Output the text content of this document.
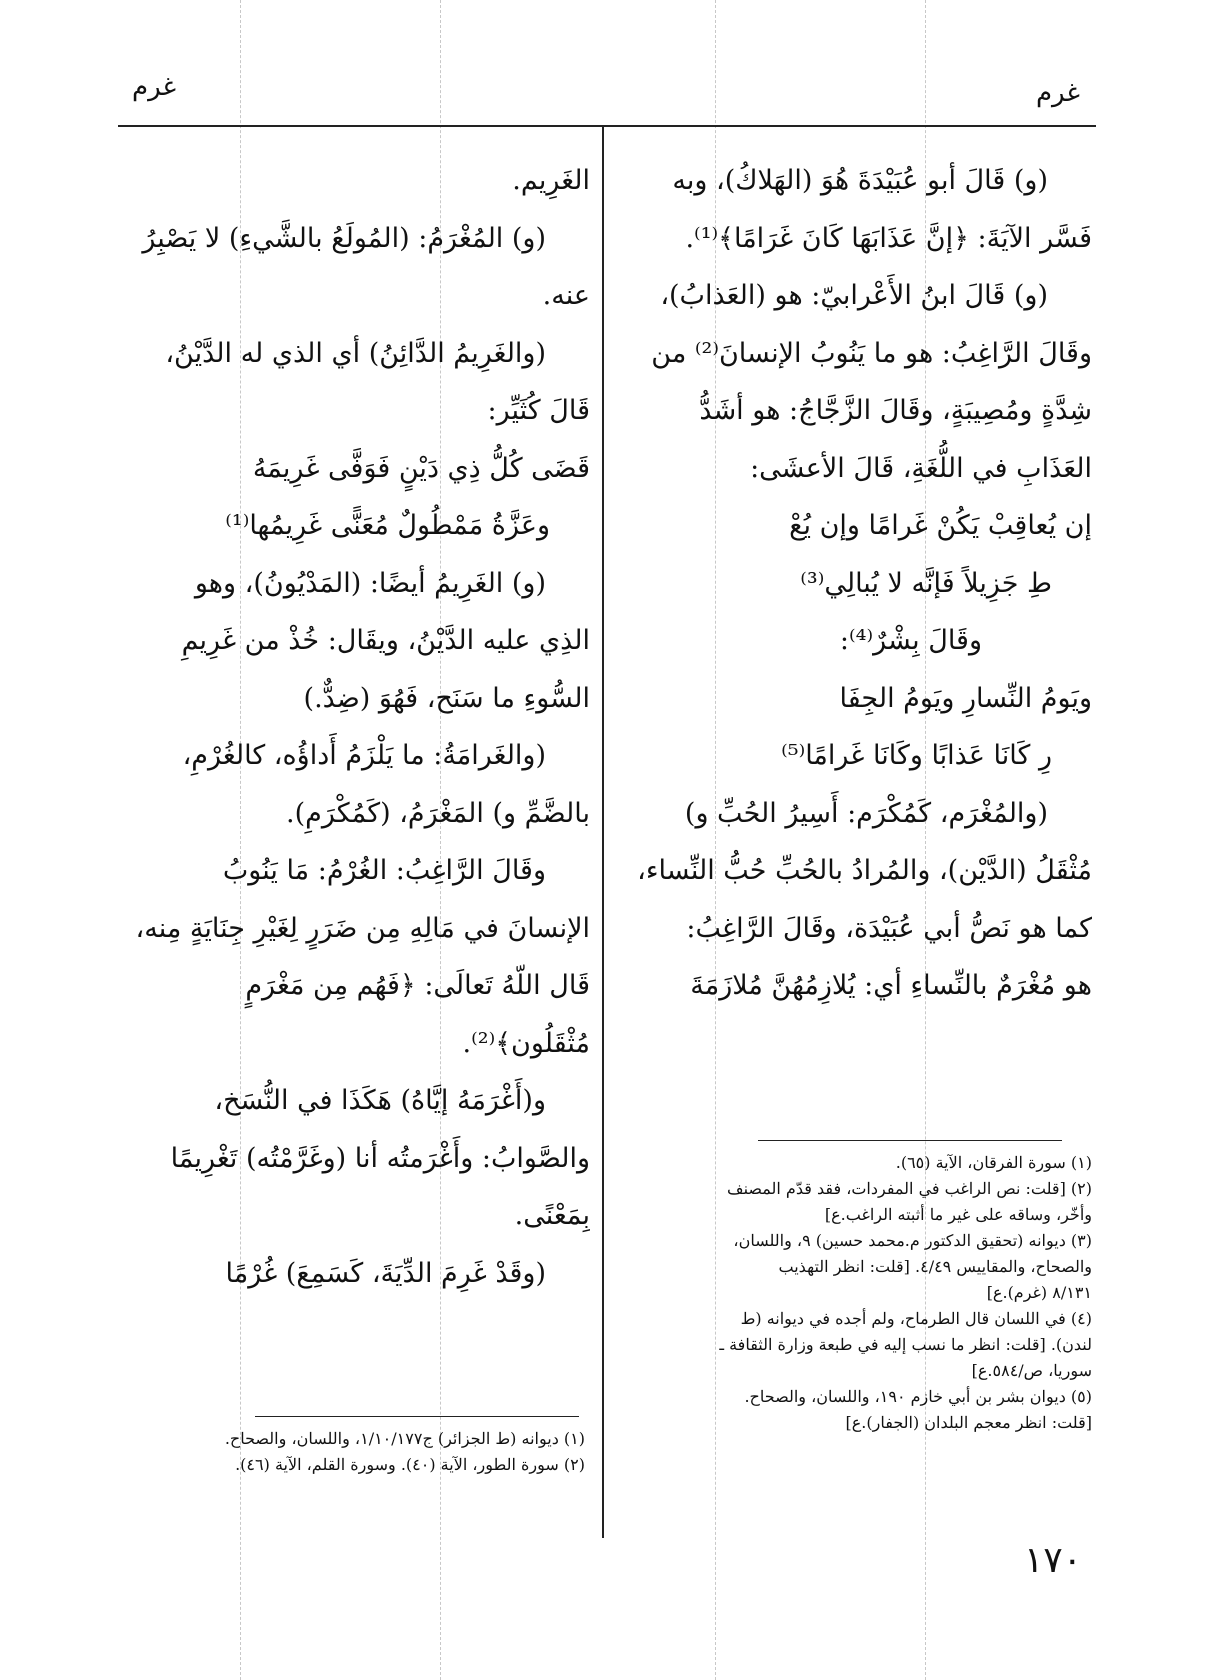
غرم
غرم
(و) قَالَ أبو عُبَيْدَةَ هُوَ (الهَلاكُ)، وبه
فَسَّر الآيَةَ: ﴿إنَّ عَذَابَهَا كَانَ غَرَامًا﴾⁽¹⁾.
(و) قَالَ ابنُ الأَعْرابيّ: هو (العَذابُ)،
وقَالَ الرَّاغِبُ: هو ما يَنُوبُ الإنسانَ⁽²⁾ من
شِدَّةٍ ومُصِيبَةٍ، وقَالَ الزَّجَّاجُ: هو أشَدُّ
العَذَابِ في اللُّغَةِ، قَالَ الأعشَى:
إن يُعاقِبْ يَكُنْ غَرامًا وإن يُعْ
طِ جَزِيلاً فَإنَّه لا يُبالِي⁽³⁾
وقَالَ بِشْرٌ⁽⁴⁾:
ويَومُ النِّسارِ ويَومُ الجِفَا
رِ كَانَا عَذابًا وكَانَا غَرامًا⁽⁵⁾
(والمُغْرَم، كَمُكْرَم: أَسِيرُ الحُبِّ و)
مُثْقَلُ (الدَّيْن)، والمُرادُ بالحُبِّ حُبُّ النِّساء،
كما هو نَصُّ أبي عُبَيْدَة، وقَالَ الرَّاغِبُ:
هو مُغْرَمٌ بالنِّساءِ أي: يُلازِمُهُنَّ مُلازَمَةَ
(١) سورة الفرقان، الآية (٦٥).
(٢) [قلت: نص الراغب في المفردات، فقد قدّم المصنف
وأخّر، وساقه على غير ما أثبته الراغب.ع]
(٣) ديوانه (تحقيق الدكتور م.محمد حسين) ٩، واللسان،
والصحاح، والمقاييس ٤/٤٩. [قلت: انظر التهذيب
٨/١٣١ (غرم).ع]
(٤) في اللسان قال الطرماح، ولم أجده في ديوانه (ط
لندن). [قلت: انظر ما نسب إليه في طبعة وزارة الثقافة ـ
سوريا، ص/٥٨٤.ع]
(٥) ديوان بشر بن أبي خازم ١٩٠، واللسان، والصحاح.
[قلت: انظر معجم البلدان (الجفار).ع]
الغَرِيم.
(و) المُغْرَمُ: (المُولَعُ بالشَّيءِ) لا يَصْبِرُ
عنه.
(والغَرِيمُ الدَّائِنُ) أي الذي له الدَّيْنُ،
قَالَ كُثَيِّر:
قَضَى كُلُّ ذِي دَيْنٍ فَوَفَّى غَرِيمَهُ
وعَزَّةُ مَمْطُولٌ مُعَنًّى غَرِيمُها⁽¹⁾
(و) الغَرِيمُ أيضًا: (المَدْيُونُ)، وهو
الذِي عليه الدَّيْنُ، ويقَال: خُذْ من غَرِيمِ
السُّوءِ ما سَنَح، فَهُوَ (ضِدٌّ.)
(والغَرامَةُ: ما يَلْزَمُ أَداؤُه، كالغُرْمِ،
بالضَّمِّ و) المَغْرَمُ، (كَمُكْرَمِ).
وقَالَ الرَّاغِبُ: الغُرْمُ: مَا يَنُوبُ
الإنسانَ في مَالِهِ مِن ضَرَرٍ لِغَيْرِ جِنَايَةٍ مِنه،
قَال اللّهُ تَعالَى: ﴿فَهُم مِن مَغْرَمٍ
مُثْقَلُون﴾⁽²⁾.
و(أَغْرَمَهُ إيَّاهُ) هَكَذَا في النُّسَخ،
والصَّوابُ: وأَغْرَمتُه أنا (وغَرَّمْتُه) تَغْرِيمًا
بِمَعْنًى.
(وقَدْ غَرِمَ الدِّيَةَ، كَسَمِعَ) غُرْمًا
(١) ديوانه (ط الجزائر) ج١/١٠/١٧٧، واللسان، والصحاح.
(٢) سورة الطور، الآية (٤٠). وسورة القلم، الآية (٤٦).
١٧٠
